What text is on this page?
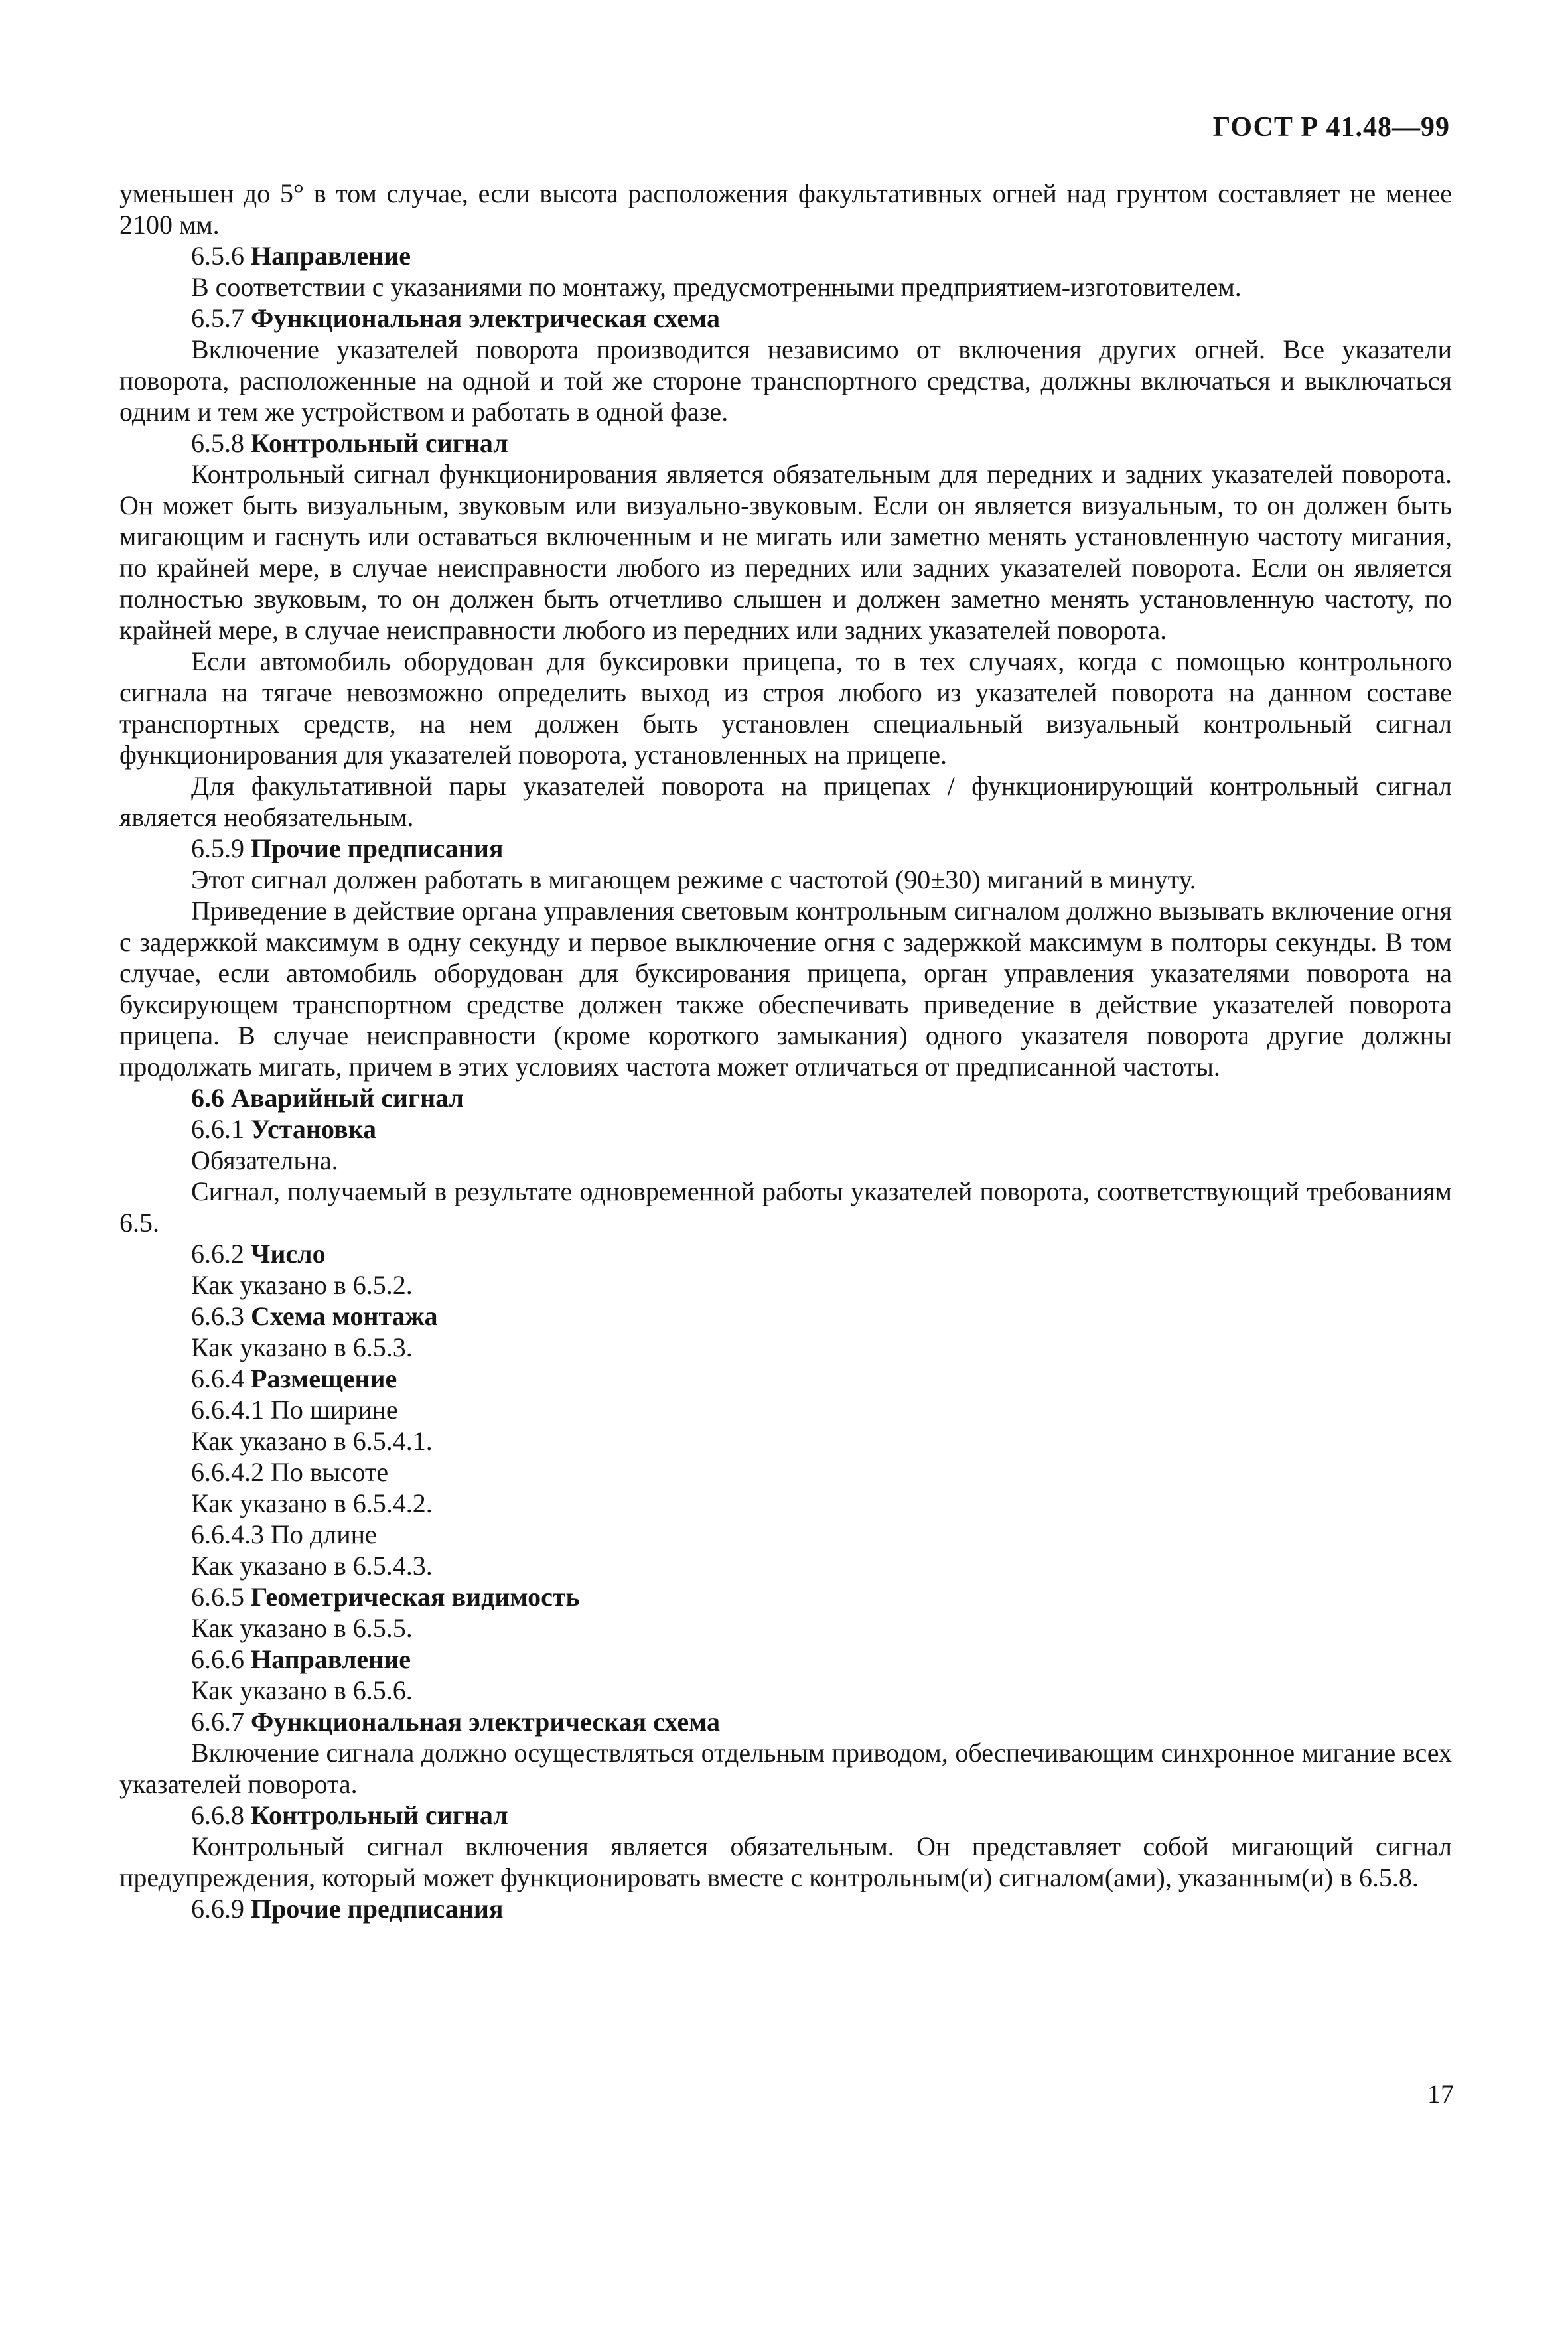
ГОСТ Р 41.48—99
уменьшен до 5° в том случае, если высота расположения факультативных огней над грунтом составляет не менее 2100 мм.
6.5.6 Направление
В соответствии с указаниями по монтажу, предусмотренными предприятием-изготовителем.
6.5.7 Функциональная электрическая схема
Включение указателей поворота производится независимо от включения других огней. Все указатели поворота, расположенные на одной и той же стороне транспортного средства, должны включаться и выключаться одним и тем же устройством и работать в одной фазе.
6.5.8 Контрольный сигнал
Контрольный сигнал функционирования является обязательным для передних и задних указателей поворота. Он может быть визуальным, звуковым или визуально-звуковым. Если он является визуальным, то он должен быть мигающим и гаснуть или оставаться включенным и не мигать или заметно менять установленную частоту мигания, по крайней мере, в случае неисправности любого из передних или задних указателей поворота. Если он является полностью звуковым, то он должен быть отчетливо слышен и должен заметно менять установленную частоту, по крайней мере, в случае неисправности любого из передних или задних указателей поворота.
Если автомобиль оборудован для буксировки прицепа, то в тех случаях, когда с помощью контрольного сигнала на тягаче невозможно определить выход из строя любого из указателей поворота на данном составе транспортных средств, на нем должен быть установлен специальный визуальный контрольный сигнал функционирования для указателей поворота, установленных на прицепе.
Для факультативной пары указателей поворота на прицепах / функционирующий контрольный сигнал является необязательным.
6.5.9 Прочие предписания
Этот сигнал должен работать в мигающем режиме с частотой (90±30) миганий в минуту.
Приведение в действие органа управления световым контрольным сигналом должно вызывать включение огня с задержкой максимум в одну секунду и первое выключение огня с задержкой максимум в полторы секунды. В том случае, если автомобиль оборудован для буксирования прицепа, орган управления указателями поворота на буксирующем транспортном средстве должен также обеспечивать приведение в действие указателей поворота прицепа. В случае неисправности (кроме короткого замыкания) одного указателя поворота другие должны продолжать мигать, причем в этих условиях частота может отличаться от предписанной частоты.
6.6 Аварийный сигнал
6.6.1 Установка
Обязательна.
Сигнал, получаемый в результате одновременной работы указателей поворота, соответствующий требованиям 6.5.
6.6.2 Число
Как указано в 6.5.2.
6.6.3 Схема монтажа
Как указано в 6.5.3.
6.6.4 Размещение
6.6.4.1 По ширине
Как указано в 6.5.4.1.
6.6.4.2 По высоте
Как указано в 6.5.4.2.
6.6.4.3 По длине
Как указано в 6.5.4.3.
6.6.5 Геометрическая видимость
Как указано в 6.5.5.
6.6.6 Направление
Как указано в 6.5.6.
6.6.7 Функциональная электрическая схема
Включение сигнала должно осуществляться отдельным приводом, обеспечивающим синхронное мигание всех указателей поворота.
6.6.8 Контрольный сигнал
Контрольный сигнал включения является обязательным. Он представляет собой мигающий сигнал предупреждения, который может функционировать вместе с контрольным(и) сигналом(ами), указанным(и) в 6.5.8.
6.6.9 Прочие предписания
17
